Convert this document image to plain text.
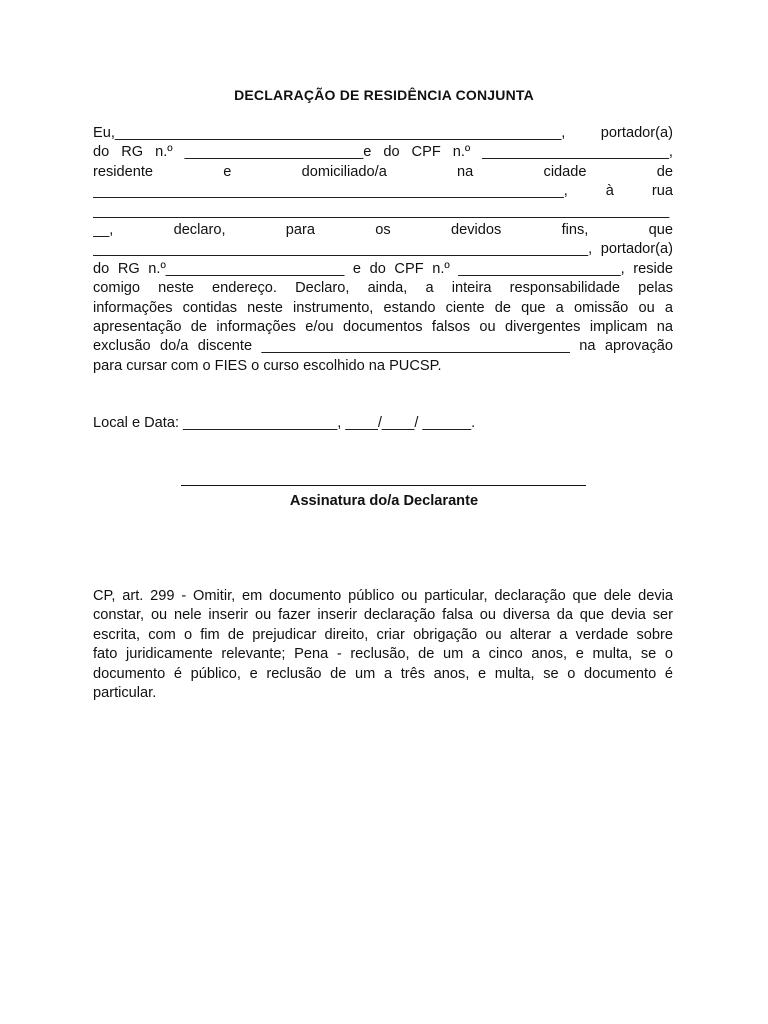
DECLARAÇÃO DE RESIDÊNCIA CONJUNTA
Eu,_______________________________________________________, portador(a)
do RG n.º ______________________e do CPF n.º _______________________,
residente e domiciliado/a na cidade de
__________________________________________________________, à rua
_______________________________________________________________________
__, declaro, para os devidos fins, que
_____________________________________________________________, portador(a)
do RG n.º______________________ e do CPF n.º ____________________, reside
comigo neste endereço. Declaro, ainda, a inteira responsabilidade pelas
informações contidas neste instrumento, estando ciente de que a omissão ou a
apresentação de informações e/ou documentos falsos ou divergentes implicam na
exclusão do/a discente ______________________________________ na aprovação
para cursar com o FIES o curso escolhido na PUCSP.
Local e Data: ___________________, ____/____/ ______.
Assinatura do/a Declarante
CP, art. 299 - Omitir, em documento público ou particular, declaração que dele devia
constar, ou nele inserir ou fazer inserir declaração falsa ou diversa da que devia ser
escrita, com o fim de prejudicar direito, criar obrigação ou alterar a verdade sobre
fato juridicamente relevante; Pena - reclusão, de um a cinco anos, e multa, se o
documento é público, e reclusão de um a três anos, e multa, se o documento é
particular.
